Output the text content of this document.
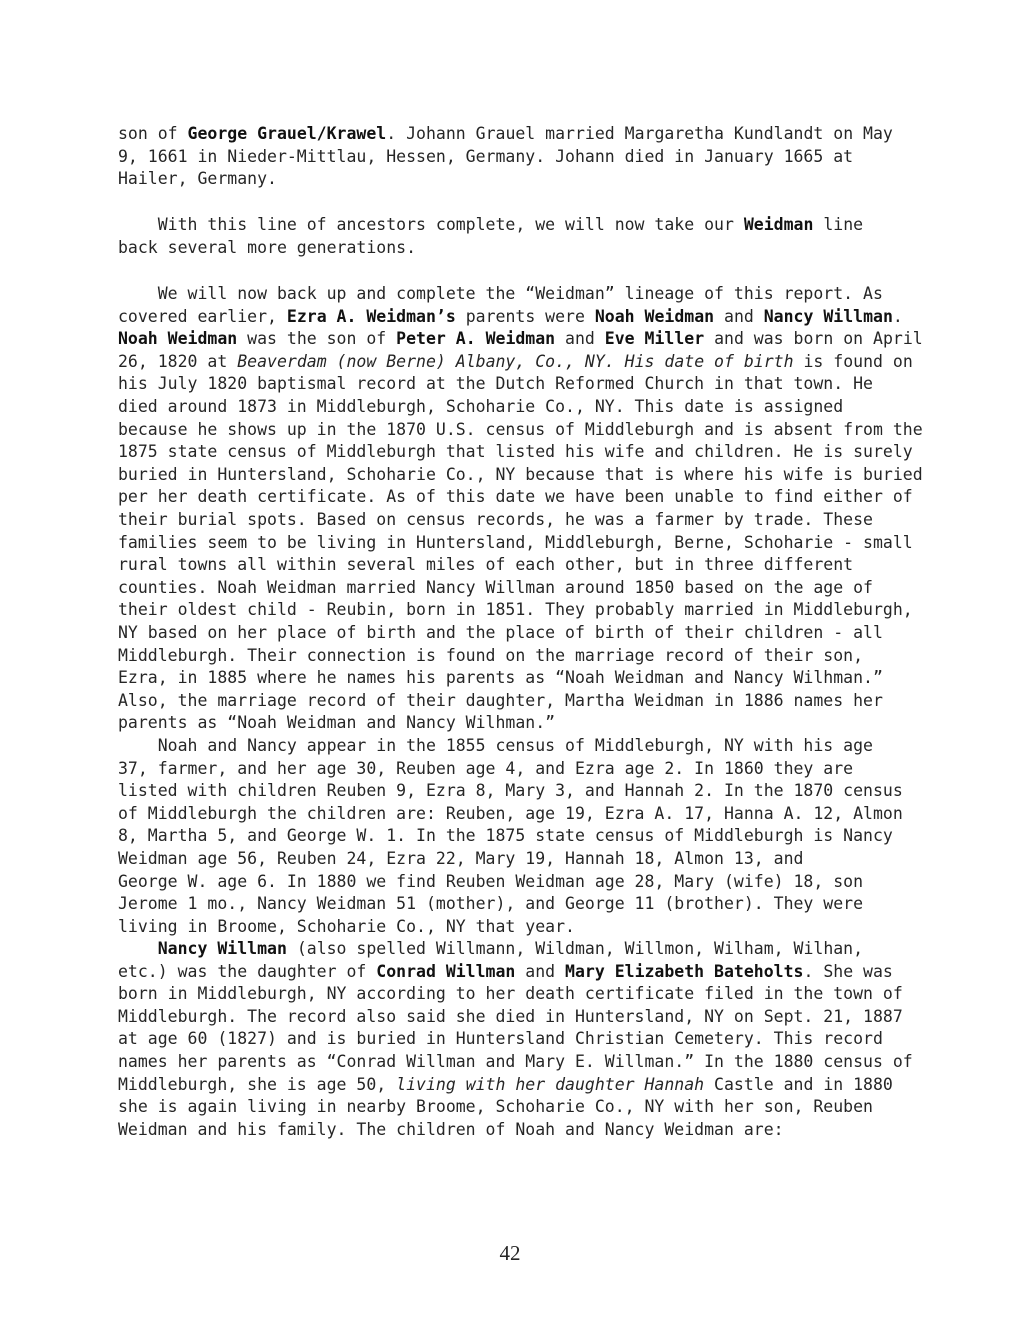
son of George Grauel/Krawel. Johann Grauel married Margaretha Kundlandt on May
9, 1661 in Nieder-Mittlau, Hessen, Germany. Johann died in January 1665 at
Hailer, Germany.
With this line of ancestors complete, we will now take our Weidman line
back several more generations.
We will now back up and complete the “Weidman” lineage of this report. As
covered earlier, Ezra A. Weidman’s parents were Noah Weidman and Nancy Willman.
Noah Weidman was the son of Peter A. Weidman and Eve Miller and was born on April
26, 1820 at Beaverdam (now Berne) Albany, Co., NY. His date of birth is found on
his July 1820 baptismal record at the Dutch Reformed Church in that town. He
died around 1873 in Middleburgh, Schoharie Co., NY. This date is assigned
because he shows up in the 1870 U.S. census of Middleburgh and is absent from the
1875 state census of Middleburgh that listed his wife and children. He is surely
buried in Huntersland, Schoharie Co., NY because that is where his wife is buried
per her death certificate. As of this date we have been unable to find either of
their burial spots. Based on census records, he was a farmer by trade. These
families seem to be living in Huntersland, Middleburgh, Berne, Schoharie - small
rural towns all within several miles of each other, but in three different
counties. Noah Weidman married Nancy Willman around 1850 based on the age of
their oldest child - Reubin, born in 1851. They probably married in Middleburgh,
NY based on her place of birth and the place of birth of their children - all
Middleburgh. Their connection is found on the marriage record of their son,
Ezra, in 1885 where he names his parents as “Noah Weidman and Nancy Wilhman.”
Also, the marriage record of their daughter, Martha Weidman in 1886 names her
parents as “Noah Weidman and Nancy Wilhman.”
Noah and Nancy appear in the 1855 census of Middleburgh, NY with his age
37, farmer, and her age 30, Reuben age 4, and Ezra age 2. In 1860 they are
listed with children Reuben 9, Ezra 8, Mary 3, and Hannah 2. In the 1870 census
of Middleburgh the children are: Reuben, age 19, Ezra A. 17, Hanna A. 12, Almon
8, Martha 5, and George W. 1. In the 1875 state census of Middleburgh is Nancy
Weidman age 56, Reuben 24, Ezra 22, Mary 19, Hannah 18, Almon 13, and
George W. age 6. In 1880 we find Reuben Weidman age 28, Mary (wife) 18, son
Jerome 1 mo., Nancy Weidman 51 (mother), and George 11 (brother). They were
living in Broome, Schoharie Co., NY that year.
Nancy Willman (also spelled Willmann, Wildman, Willmon, Wilham, Wilhan,
etc.) was the daughter of Conrad Willman and Mary Elizabeth Bateholts. She was
born in Middleburgh, NY according to her death certificate filed in the town of
Middleburgh. The record also said she died in Huntersland, NY on Sept. 21, 1887
at age 60 (1827) and is buried in Huntersland Christian Cemetery. This record
names her parents as “Conrad Willman and Mary E. Willman.” In the 1880 census of
Middleburgh, she is age 50, living with her daughter Hannah Castle and in 1880
she is again living in nearby Broome, Schoharie Co., NY with her son, Reuben
Weidman and his family. The children of Noah and Nancy Weidman are:
42
